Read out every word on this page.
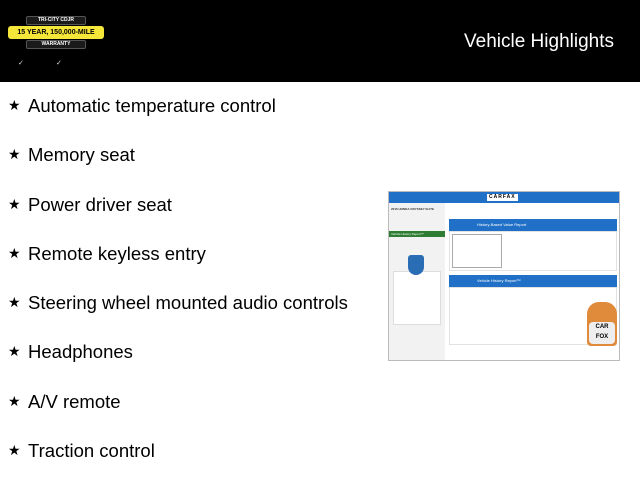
TRI-CITY CDJR
WARRANTY
15 YEAR, 150,000-MILE
✓	✓
Vehicle Highlights
★ Automatic temperature control
★ Memory seat
★ Power driver seat
★ Remote keyless entry
★ Steering wheel mounted audio controls
★ Headphones
★ A/V remote
★ Traction control
CARFAX
2016 HONDA ODYSSEY ELITE
Vehicle History Report™
History-Based Value Report
Vehicle History Report™
CAR FOX
